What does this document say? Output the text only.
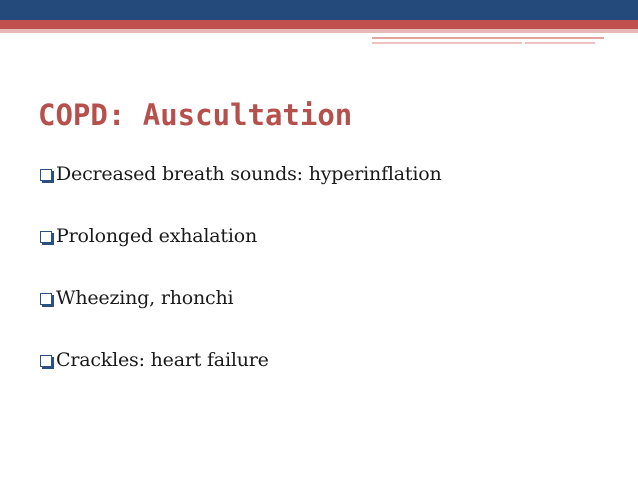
COPD: Auscultation
Decreased breath sounds: hyperinflation
Prolonged exhalation
Wheezing, rhonchi
Crackles: heart failure
